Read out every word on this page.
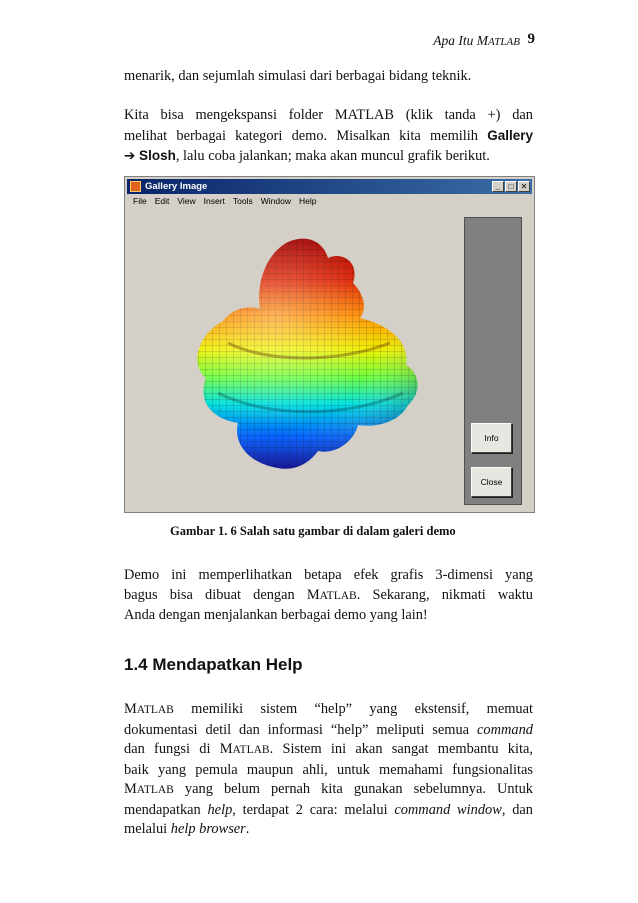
Apa Itu MATLAB 9
menarik, dan sejumlah simulasi dari berbagai bidang teknik.
Kita bisa mengekspansi folder MATLAB (klik tanda +) dan
melihat berbagai kategori demo. Misalkan kita memilih Gallery
➔ Slosh, lalu coba jalankan; maka akan muncul grafik berikut.
Gallery Image	_	□ ✕
File Edit View Insert Tools Window Help
Info
Close
Gambar 1. 6 Salah satu gambar di dalam galeri demo
Demo ini memperlihatkan betapa efek grafis 3-dimensi yang
bagus bisa dibuat dengan MATLAB. Sekarang, nikmati waktu
Anda dengan menjalankan berbagai demo yang lain!
1.4 Mendapatkan Help
MATLAB memiliki sistem “help” yang ekstensif, memuat
dokumentasi detil dan informasi “help” meliputi semua command
dan fungsi di MATLAB. Sistem ini akan sangat membantu kita,
baik yang pemula maupun ahli, untuk memahami fungsionalitas
MATLAB yang belum pernah kita gunakan sebelumnya. Untuk
mendapatkan help, terdapat 2 cara: melalui command window, dan
melalui help browser.
